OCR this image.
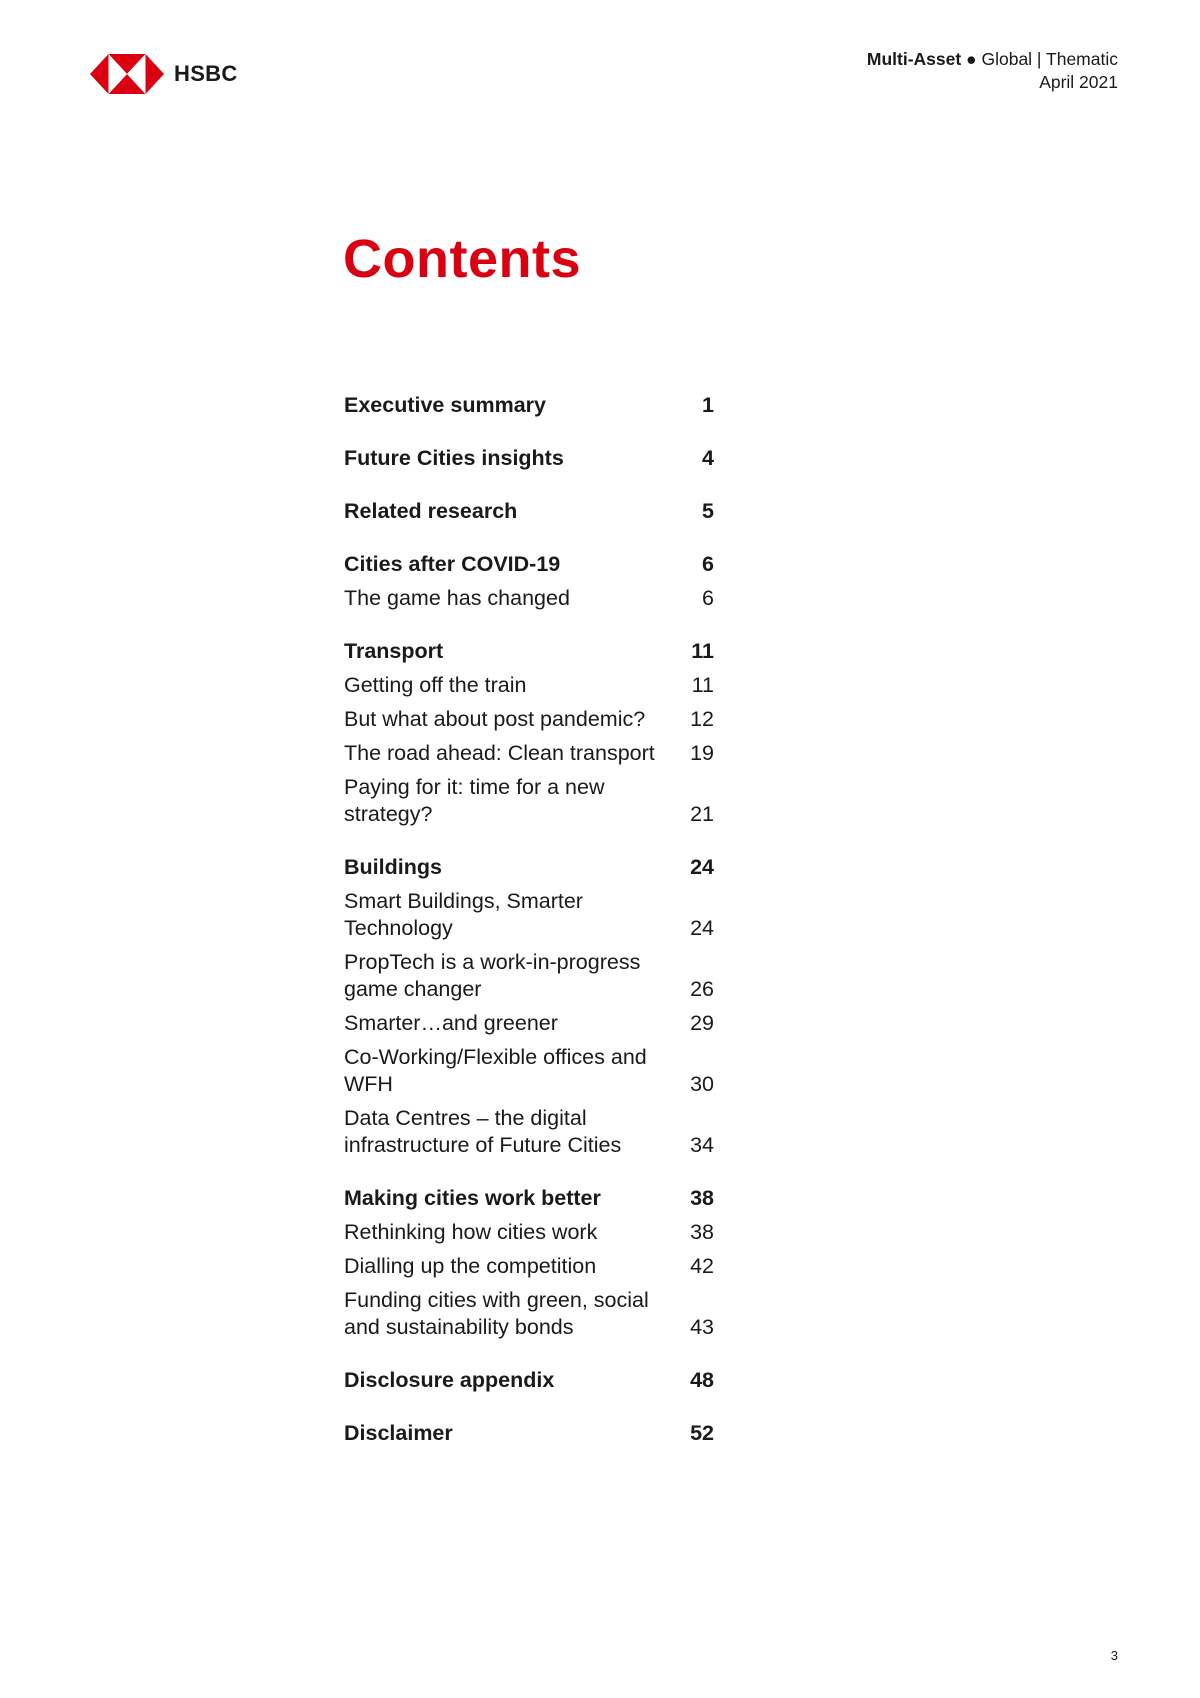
HSBC
Multi-Asset ● Global | Thematic
April 2021
Contents
Executive summary	1
Future Cities insights	4
Related research	5
Cities after COVID-19	6
The game has changed	6
Transport	11
Getting off the train	11
But what about post pandemic?	12
The road ahead: Clean transport	19
Paying for it: time for a new strategy?	21
Buildings	24
Smart Buildings, Smarter Technology	24
PropTech is a work-in-progress game changer	26
Smarter…and greener	29
Co-Working/Flexible offices and WFH	30
Data Centres – the digital infrastructure of Future Cities	34
Making cities work better	38
Rethinking how cities work	38
Dialling up the competition	42
Funding cities with green, social and sustainability bonds	43
Disclosure appendix	48
Disclaimer	52
3
